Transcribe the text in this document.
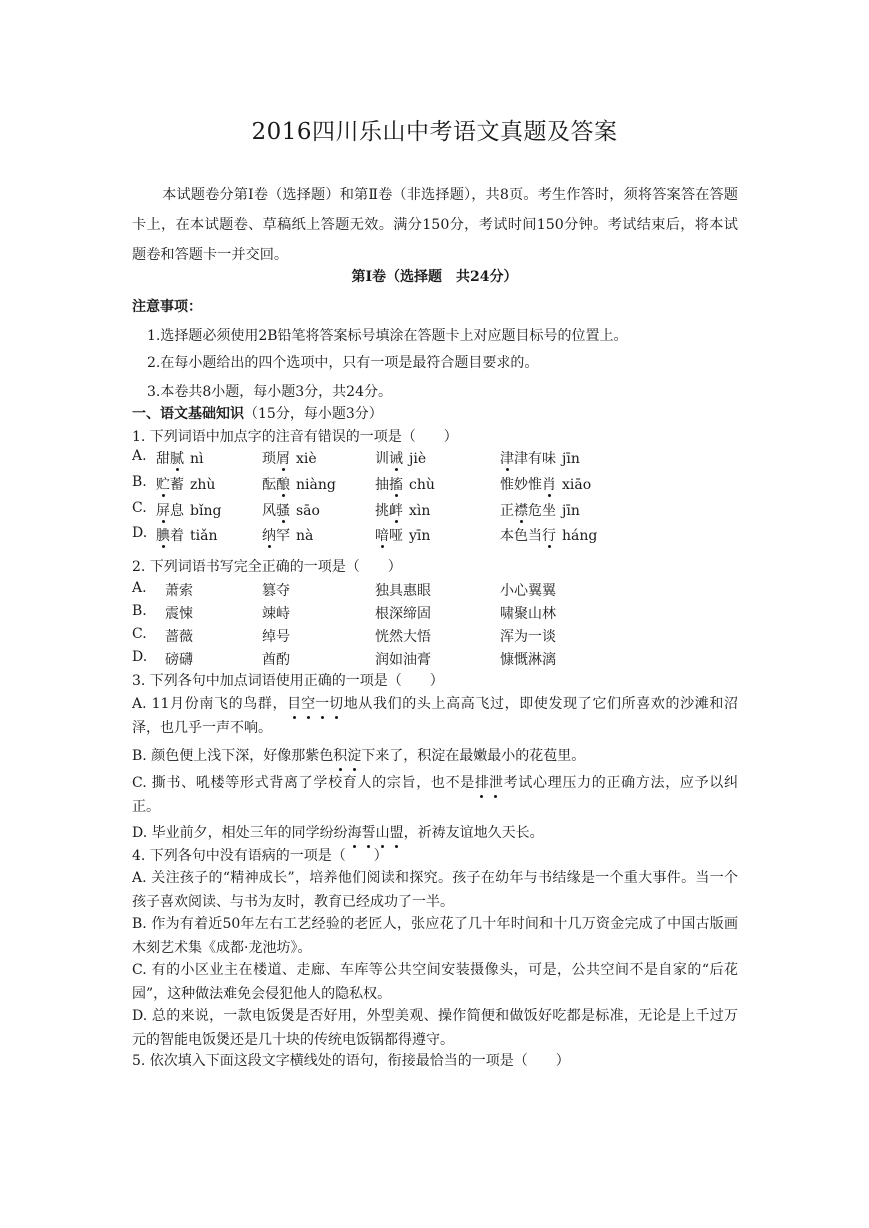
2016四川乐山中考语文真题及答案
本试题卷分第Ⅰ卷（选择题）和第Ⅱ卷（非选择题），共8页。考生作答时，须将答案答在答题卡上，在本试题卷、草稿纸上答题无效。满分150分，考试时间150分钟。考试结束后，将本试题卷和答题卡一并交回。
第Ⅰ卷（选择题　共24分）
注意事项：
1.选择题必须使用2B铅笔将答案标号填涂在答题卡上对应题目标号的位置上。
2.在每小题给出的四个选项中，只有一项是最符合题目要求的。
3.本卷共8小题，每小题3分，共24分。
一、语文基础知识（15分，每小题3分）
1. 下列词语中加点字的注音有错误的一项是（　　）
A. 甜腻 nì	琐屑 xiè	训诫 jiè	津津有味 jīn
B. 贮蓄 zhù	酝酿 niàng	抽搐 chù	惟妙惟肖 xiāo
C. 屏息 bǐng	风骚 sāo	挑衅 xìn	正襟危坐 jīn
D. 腆着 tiǎn	纳罕 nà	喑哑 yīn	本色当行 háng
2. 下列词语书写完全正确的一项是（　　）
A. 萧索	篡夺	独具惠眼	小心翼翼
B. 震悚	竦峙	根深缔固	啸聚山林
C. 蔷薇	绰号	恍然大悟	浑为一谈
D. 磅礴	酋酌	润如油膏	慷慨淋漓
3. 下列各句中加点词语使用正确的一项是（　　）
A. 11月份南飞的鸟群，目空一切地从我们的头上高高飞过，即使发现了它们所喜欢的沙滩和沼泽，也几乎一声不响。
B. 颜色便上浅下深，好像那紫色积淀下来了，积淀在最嫩最小的花苞里。
C. 撕书、吼楼等形式背离了学校育人的宗旨，也不是排泄考试心理压力的正确方法，应予以纠正。
D. 毕业前夕，相处三年的同学纷纷海誓山盟，祈祷友谊地久天长。
4. 下列各句中没有语病的一项是（　　）
A. 关注孩子的“精神成长”，培养他们阅读和探究。孩子在幼年与书结缘是一个重大事件。当一个孩子喜欢阅读、与书为友时，教育已经成功了一半。
B. 作为有着近50年左右工艺经验的老匠人，张应花了几十年时间和十几万资金完成了中国古版画木刻艺术集《成都·龙池坊》。
C. 有的小区业主在楼道、走廊、车库等公共空间安装摄像头，可是，公共空间不是自家的“后花园”，这种做法难免会侵犯他人的隐私权。
D. 总的来说，一款电饭煲是否好用，外型美观、操作简便和做饭好吃都是标准，无论是上千过万元的智能电饭煲还是几十块的传统电饭锅都得遵守。
5. 依次填入下面这段文字横线处的语句，衔接最恰当的一项是（　　）
